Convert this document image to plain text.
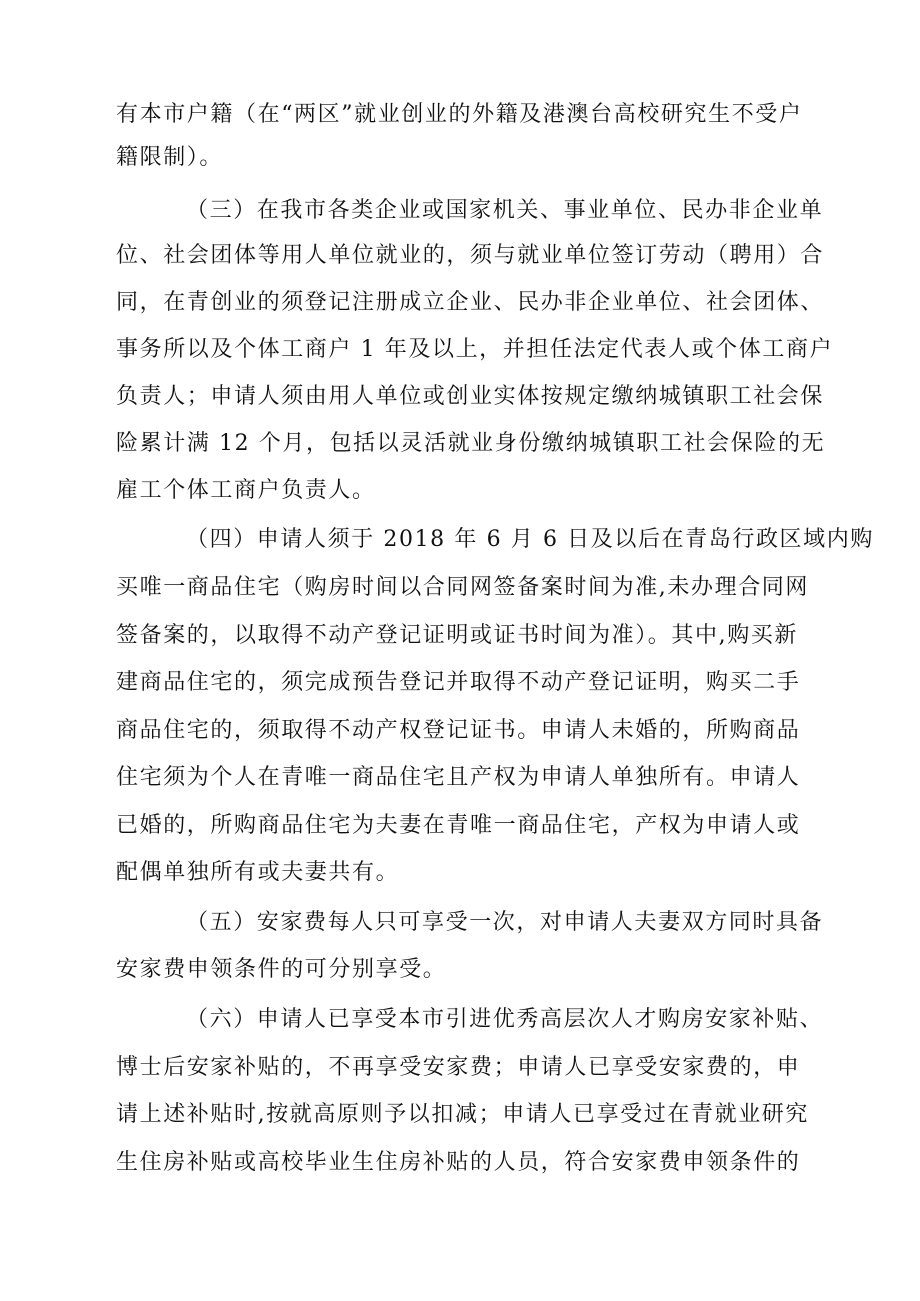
有本市户籍（在“两区”就业创业的外籍及港澳台高校研究生不受户
籍限制）。
（三）在我市各类企业或国家机关、事业单位、民办非企业单
位、社会团体等用人单位就业的，须与就业单位签订劳动（聘用）合
同，在青创业的须登记注册成立企业、民办非企业单位、社会团体、
事务所以及个体工商户 1 年及以上，并担任法定代表人或个体工商户
负责人；申请人须由用人单位或创业实体按规定缴纳城镇职工社会保
险累计满 12 个月，包括以灵活就业身份缴纳城镇职工社会保险的无
雇工个体工商户负责人。
（四）申请人须于 2018 年 6 月 6 日及以后在青岛行政区域内购
买唯一商品住宅（购房时间以合同网签备案时间为准,未办理合同网
签备案的，以取得不动产登记证明或证书时间为准）。其中,购买新
建商品住宅的，须完成预告登记并取得不动产登记证明，购买二手
商品住宅的，须取得不动产权登记证书。申请人未婚的，所购商品
住宅须为个人在青唯一商品住宅且产权为申请人单独所有。申请人
已婚的，所购商品住宅为夫妻在青唯一商品住宅，产权为申请人或
配偶单独所有或夫妻共有。
（五）安家费每人只可享受一次，对申请人夫妻双方同时具备
安家费申领条件的可分别享受。
（六）申请人已享受本市引进优秀高层次人才购房安家补贴、
博士后安家补贴的，不再享受安家费；申请人已享受安家费的，申
请上述补贴时,按就高原则予以扣减；申请人已享受过在青就业研究
生住房补贴或高校毕业生住房补贴的人员，符合安家费申领条件的
